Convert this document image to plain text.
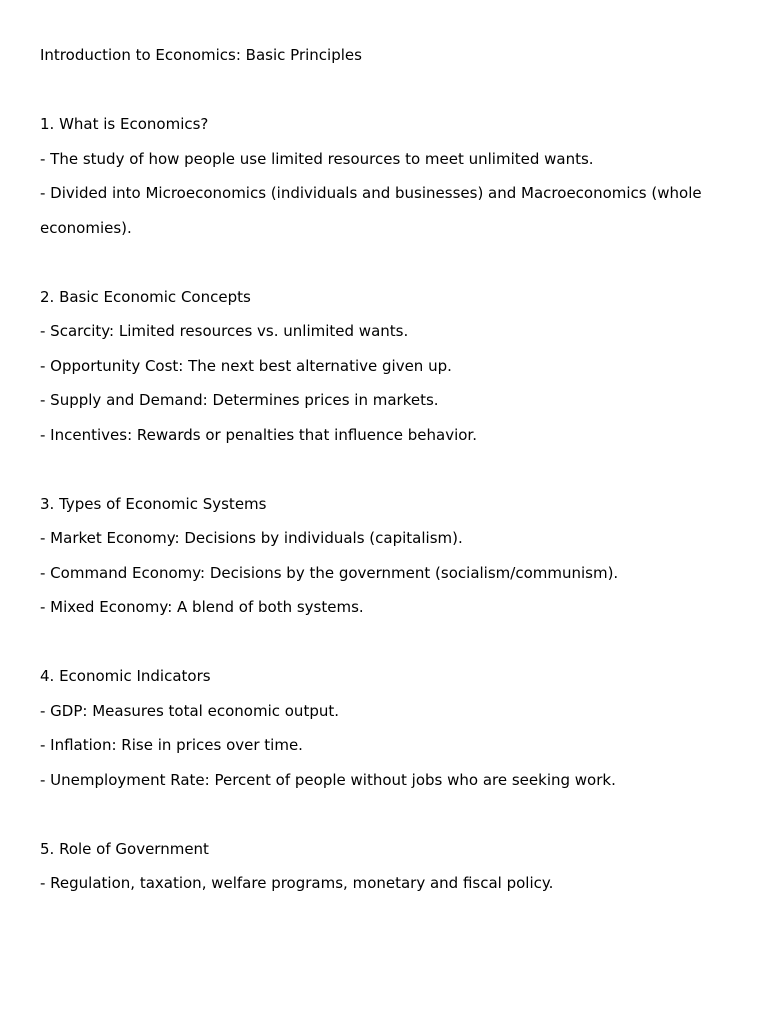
Introduction to Economics: Basic Principles

1. What is Economics?

- The study of how people use limited resources to meet unlimited wants.

- Divided into Microeconomics (individuals and businesses) and Macroeconomics (whole economies).

2. Basic Economic Concepts

- Scarcity: Limited resources vs. unlimited wants.

- Opportunity Cost: The next best alternative given up.

- Supply and Demand: Determines prices in markets.

- Incentives: Rewards or penalties that influence behavior.

3. Types of Economic Systems

- Market Economy: Decisions by individuals (capitalism).

- Command Economy: Decisions by the government (socialism/communism).

- Mixed Economy: A blend of both systems.

4. Economic Indicators

- GDP: Measures total economic output.

- Inflation: Rise in prices over time.

- Unemployment Rate: Percent of people without jobs who are seeking work.

5. Role of Government

- Regulation, taxation, welfare programs, monetary and fiscal policy.
